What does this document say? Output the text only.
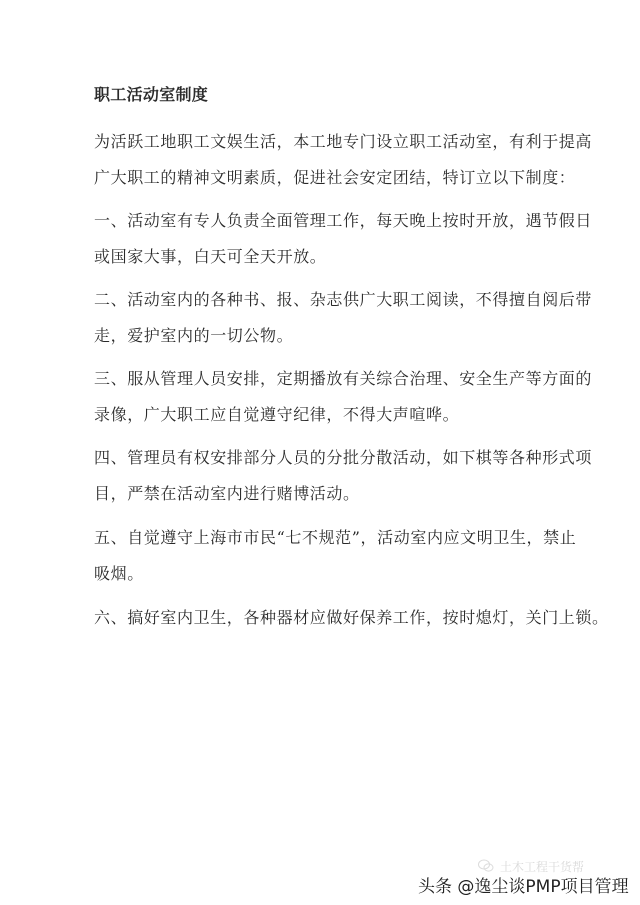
职工活动室制度

为活跃工地职工文娱生活，本工地专门设立职工活动室，有利于提高
广大职工的精神文明素质，促进社会安定团结，特订立以下制度：

一、活动室有专人负责全面管理工作，每天晚上按时开放，遇节假日
或国家大事，白天可全天开放。

二、活动室内的各种书、报、杂志供广大职工阅读，不得擅自阅后带
走，爱护室内的一切公物。

三、服从管理人员安排，定期播放有关综合治理、安全生产等方面的
录像，广大职工应自觉遵守纪律，不得大声喧哗。

四、管理员有权安排部分人员的分批分散活动，如下棋等各种形式项
目，严禁在活动室内进行赌博活动。

五、自觉遵守上海市市民“七不规范”，活动室内应文明卫生，禁止
吸烟。

六、搞好室内卫生，各种器材应做好保养工作，按时熄灯，关门上锁。

土木工程干货帮
头条 @逸尘谈PMP项目管理
